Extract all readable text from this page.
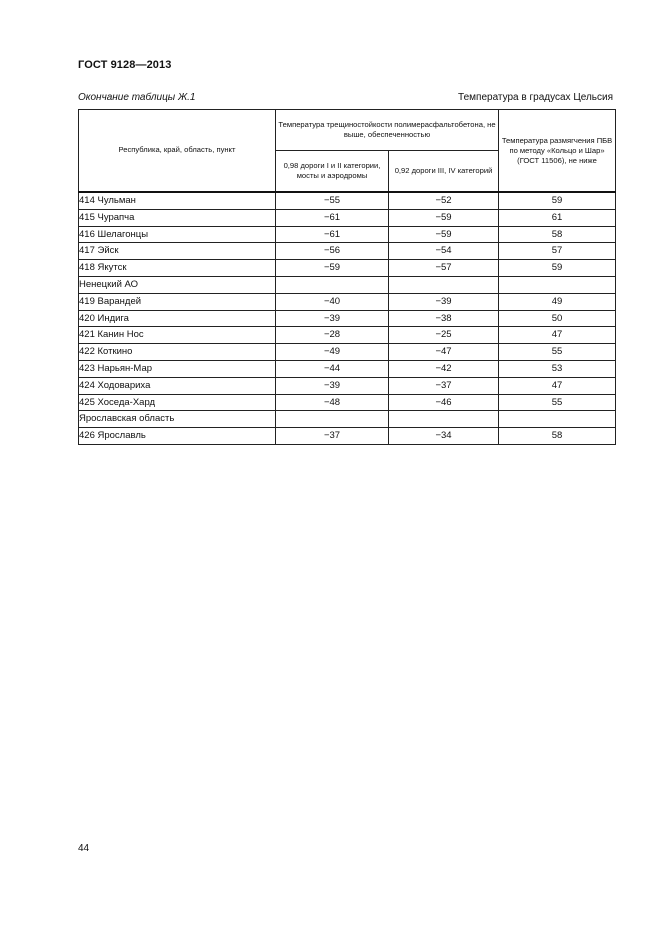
ГОСТ 9128—2013
Окончание таблицы Ж.1	Температура в градусах Цельсия
Республика, край, область, пункт	Температура трещиностойкости полимерасфальтобетона, не выше, обеспеченностью		Температура размягчения ПБВ по методу «Кольцо и Шар» (ГОСТ 11506), не ниже
	0,98 дороги I и II категории, мосты и аэродромы	0,92 дороги III, IV категорий	
414 Чульман	−55	−52	59
415 Чурапча	−61	−59	61
416 Шелагонцы	−61	−59	58
417 Эйск	−56	−54	57
418 Якутск	−59	−57	59
Ненецкий АО			
419 Варандей	−40	−39	49
420 Индига	−39	−38	50
421 Канин Нос	−28	−25	47
422 Коткино	−49	−47	55
423 Нарьян-Мар	−44	−42	53
424 Ходовариха	−39	−37	47
425 Хоседа-Хард	−48	−46	55
Ярославская область			
426 Ярославль	−37	−34	58
44
